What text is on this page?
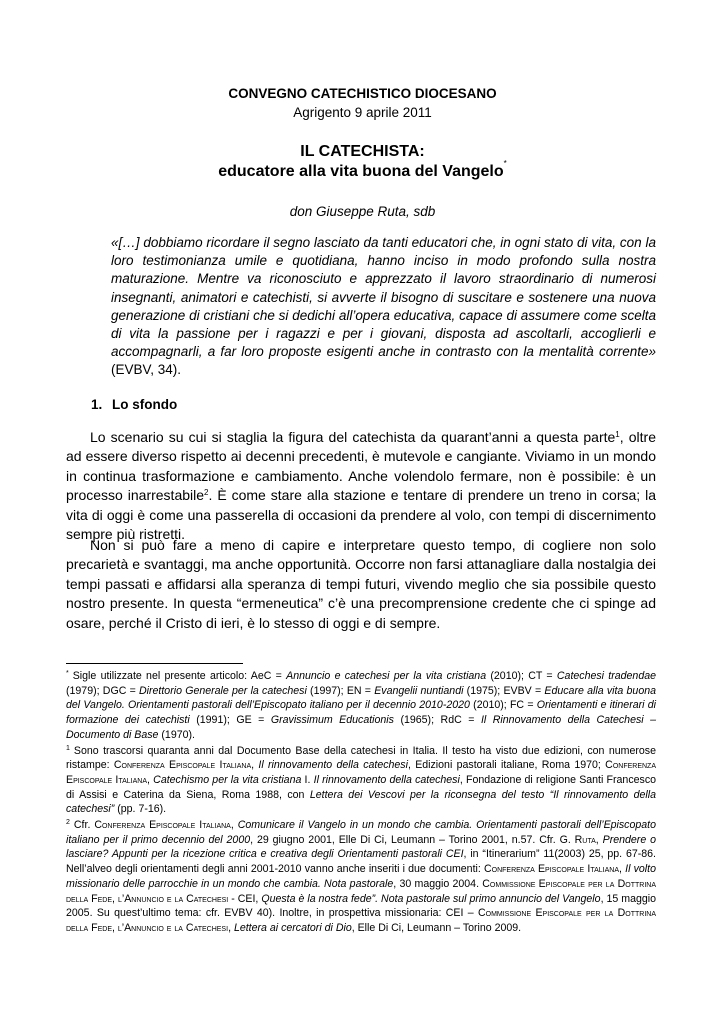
CONVEGNO CATECHISTICO DIOCESANO
Agrigento 9 aprile 2011
IL CATECHISTA:
educatore alla vita buona del Vangelo*
don Giuseppe Ruta, sdb
«[…] dobbiamo ricordare il segno lasciato da tanti educatori che, in ogni stato di vita, con la loro testimonianza umile e quotidiana, hanno inciso in modo profondo sulla nostra maturazione. Mentre va riconosciuto e apprezzato il lavoro straordinario di numerosi insegnanti, animatori e catechisti, si avverte il bisogno di suscitare e sostenere una nuova generazione di cristiani che si dedichi all’opera educativa, capace di assumere come scelta di vita la passione per i ragazzi e per i giovani, disposta ad ascoltarli, accoglierli e accompagnarli, a far loro proposte esigenti anche in contrasto con la mentalità corrente» (EVBV, 34).
1. Lo sfondo

Lo scenario su cui si staglia la figura del catechista da quarant’anni a questa parte$^1$, oltre ad essere diverso rispetto ai decenni precedenti, è mutevole e cangiante. Viviamo in un mondo in continua trasformazione e cambiamento. Anche volendolo fermare, non è possibile: è un processo inarrestabile$^2$. È come stare alla stazione e tentare di prendere un treno in corsa; la vita di oggi è come una passerella di occasioni da prendere al volo, con tempi di discernimento sempre più ristretti.

Non si può fare a meno di capire e interpretare questo tempo, di cogliere non solo precarietà e svantaggi, ma anche opportunità. Occorre non farsi attanagliare dalla nostalgia dei tempi passati e affidarsi alla speranza di tempi futuri, vivendo meglio che sia possibile questo nostro presente. In questa “ermeneutica” c’è una precomprensione credente che ci spinge ad osare, perché il Cristo di ieri, è lo stesso di oggi e di sempre.

* Sigle utilizzate nel presente articolo: AeC = Annuncio e catechesi per la vita cristiana (2010); CT = Catechesi tradendae (1979); DGC = Direttorio Generale per la catechesi (1997); EN = Evangelii nuntiandi (1975); EVBV = Educare alla vita buona del Vangelo. Orientamenti pastorali dell’Episcopato italiano per il decennio 2010-2020 (2010); FC = Orientamenti e itinerari di formazione dei catechisti (1991); GE = Gravissimum Educationis (1965); RdC = Il Rinnovamento della Catechesi – Documento di Base (1970).

$^1$ Sono trascorsi quaranta anni dal Documento Base della catechesi in Italia. Il testo ha visto due edizioni, con numerose ristampe: Conferenza Episcopale Italiana, Il rinnovamento della catechesi, Edizioni pastorali italiane, Roma 1970; Conferenza Episcopale Italiana, Catechismo per la vita cristiana I. Il rinnovamento della catechesi, Fondazione di religione Santi Francesco di Assisi e Caterina da Siena, Roma 1988, con Lettera dei Vescovi per la riconsegna del testo “Il rinnovamento della catechesi” (pp. 7-16).

$^2$ Cfr. Conferenza Episcopale Italiana, Comunicare il Vangelo in un mondo che cambia. Orientamenti pastorali dell’Episcopato italiano per il primo decennio del 2000, 29 giugno 2001, Elle Di Ci, Leumann – Torino 2001, n.57. Cfr. G. Ruta, Prendere o lasciare? Appunti per la ricezione critica e creativa degli Orientamenti pastorali CEI, in “Itinerarium” 11(2003) 25, pp. 67-86. Nell’alveo degli orientamenti degli anni 2001-2010 vanno anche inseriti i due documenti: Conferenza Episcopale Italiana, Il volto missionario delle parrocchie in un mondo che cambia. Nota pastorale, 30 maggio 2004. Commissione Episcopale per la Dottrina della Fede, l’Annuncio e la Catechesi - CEI, Questa è la nostra fede”. Nota pastorale sul primo annuncio del Vangelo, 15 maggio 2005. Su quest’ultimo tema: cfr. EVBV 40). Inoltre, in prospettiva missionaria: CEI – Commissione Episcopale per la Dottrina della Fede, l’Annuncio e la Catechesi, Lettera ai cercatori di Dio, Elle Di Ci, Leumann – Torino 2009.
